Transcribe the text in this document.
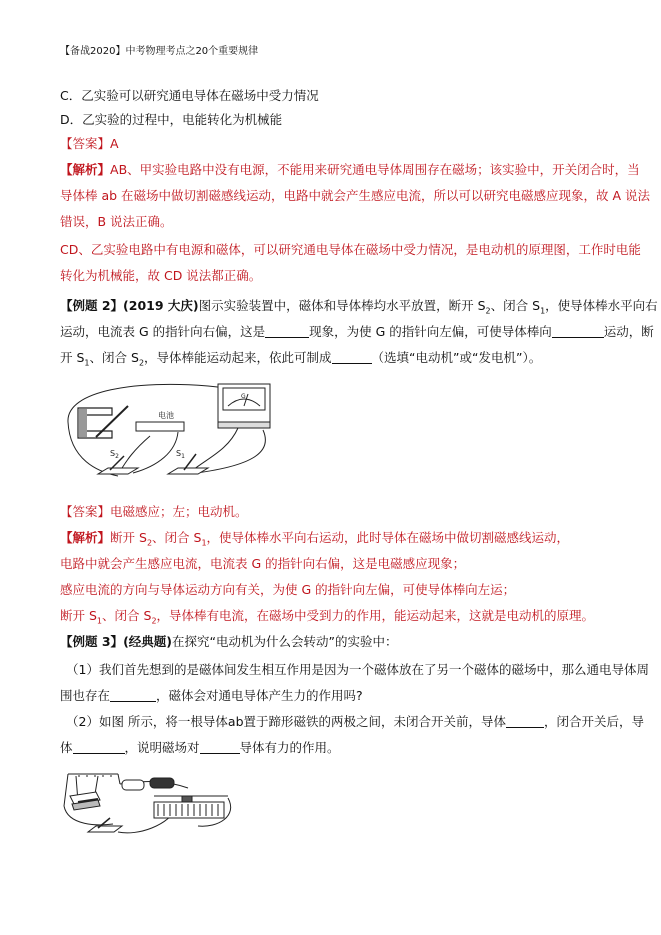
【备战2020】中考物理考点之20个重要规律
C．乙实验可以研究通电导体在磁场中受力情况
D．乙实验的过程中，电能转化为机械能
【答案】A
【解析】AB、甲实验电路中没有电源，不能用来研究通电导体周围存在磁场；该实验中，开关闭合时，当
导体棒 ab 在磁场中做切割磁感线运动，电路中就会产生感应电流，所以可以研究电磁感应现象，故 A 说法
错误，B 说法正确。
CD、乙实验电路中有电源和磁体，可以研究通电导体在磁场中受力情况，是电动机的原理图，工作时电能
转化为机械能，故 CD 说法都正确。
【例题 2】(2019 大庆)图示实验装置中，磁体和导体棒均水平放置，断开 $S_2$、闭合 $S_1$，使导体棒水平向右
运动，电流表 G 的指针向右偏，这是	现象，为使 G 的指针向左偏，可使导体棒向	运动，断
开 $S_1$、闭合 $S_2$，导体棒能运动起来，依此可制成	（选填“电动机”或“发电机”）。
电池
G
$S_2$	$S_1$
【答案】电磁感应；左；电动机。
【解析】断开 $S_2$、闭合 $S_1$，使导体棒水平向右运动，此时导体在磁场中做切割磁感线运动，
电路中就会产生感应电流，电流表 G 的指针向右偏，这是电磁感应现象；
感应电流的方向与导体运动方向有关，为使 G 的指针向左偏，可使导体棒向左运；
断开 $S_1$、闭合 $S_2$，导体棒有电流，在磁场中受到力的作用，能运动起来，这就是电动机的原理。
【例题 3】(经典题)在探究“电动机为什么会转动”的实验中：
（1）我们首先想到的是磁体间发生相互作用是因为一个磁体放在了另一个磁体的磁场中，那么通电导体周
围也存在	，磁体会对通电导体产生力的作用吗?
（2）如图 所示，将一根导体ab置于蹄形磁铁的两极之间，未闭合开关前，导体	，闭合开关后，导
体	，说明磁场对	导体有力的作用。
